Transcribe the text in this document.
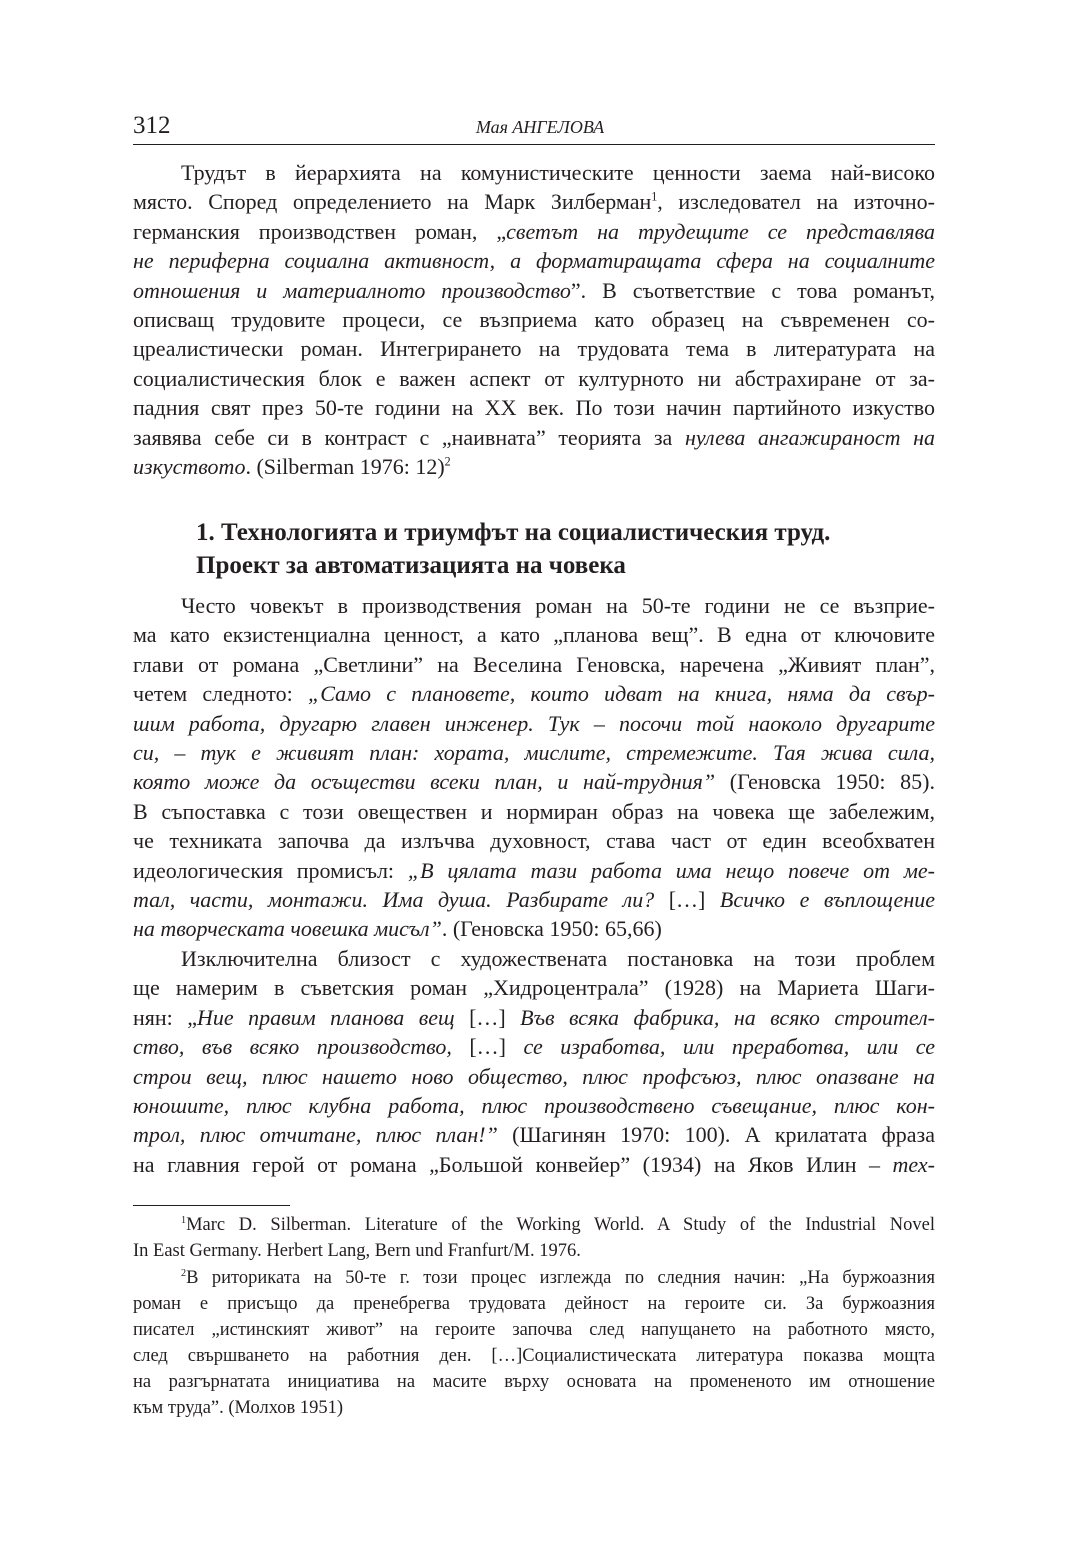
312	Мая АНГЕЛОВА
Трудът в йерархията на комунистическите ценности заема най-високо
място. Според определението на Марк Зилберман$^1$, изследовател на източно-
германския производствен роман, „светът на трудещите се представлява
не периферна социална активност, а форматиращата сфера на социалните
отношения и материалното производство”. В съответствие с това романът,
описващ трудовите процеси, се възприема като образец на съвременен со-
цреалистически роман. Интегрирането на трудовата тема в литературата на
социалистическия блок е важен аспект от културното ни абстрахиране от за-
падния свят през 50-те години на XX век. По този начин партийното изкуство
заявява себе си в контраст с „наивната” теорията за нулева ангажираност на
изкуството. (Silberman 1976: 12)$^2$
1. Технологията и триумфът на социалистическия труд.
Проект за автоматизацията на човека
Често човекът в производствения роман на 50-те години не се възприе-
ма като екзистенциална ценност, а като „планова вещ”. В една от ключовите
глави от романа „Светлини” на Веселина Геновска, наречена „Живият план”,
четем следното: „Само с плановете, които идват на книга, няма да свър-
шим работа, другарю главен инженер. Тук – посочи той наоколо другарите
си, – тук е живият план: хората, мислите, стремежите. Тая жива сила,
която може да осъществи всеки план, и най-трудния” (Геновска 1950: 85).
В съпоставка с този овеществен и нормиран образ на човека ще забележим,
че техниката започва да излъчва духовност, става част от един всеобхватен
идеологическия промисъл: „В цялата тази работа има нещо повече от ме-
тал, части, монтажи. Има душа. Разбирате ли? […] Всичко е въплощение
на творческата човешка мисъл”. (Геновска 1950: 65,66)
Изключителна близост с художествената постановка на този проблем
ще намерим в съветския роман „Хидроцентрала” (1928) на Мариета Шаги-
нян: „Ние правим планова вещ […] Във всяка фабрика, на всяко строител-
ство, във всяко производство, […] се изработва, или преработва, или се
строи вещ, плюс нашето ново общество, плюс профсъюз, плюс опазване на
юношите, плюс клубна работа, плюс производствено съвещание, плюс кон-
трол, плюс отчитане, плюс план!” (Шагинян 1970: 100). А крилатата фраза
на главния герой от романа „Большой конвейер” (1934) на Яков Илин – тех-
$^1$Marc D. Silberman. Literature of the Working World. A Study of the Industrial Novel
In East Germany. Herbert Lang, Bern und Franfurt/M. 1976.
$^2$В риториката на 50-те г. този процес изглежда по следния начин: „На буржоазния
роман е присъщо да пренебрегва трудовата дейност на героите си. За буржоазния
писател „истинският живот” на героите започва след напущането на работното място,
след свършването на работния ден. […]Социалистическата литература показва мощта
на разгърнатата инициатива на масите върху основата на промененото им отношение
към труда”. (Молхов 1951)
